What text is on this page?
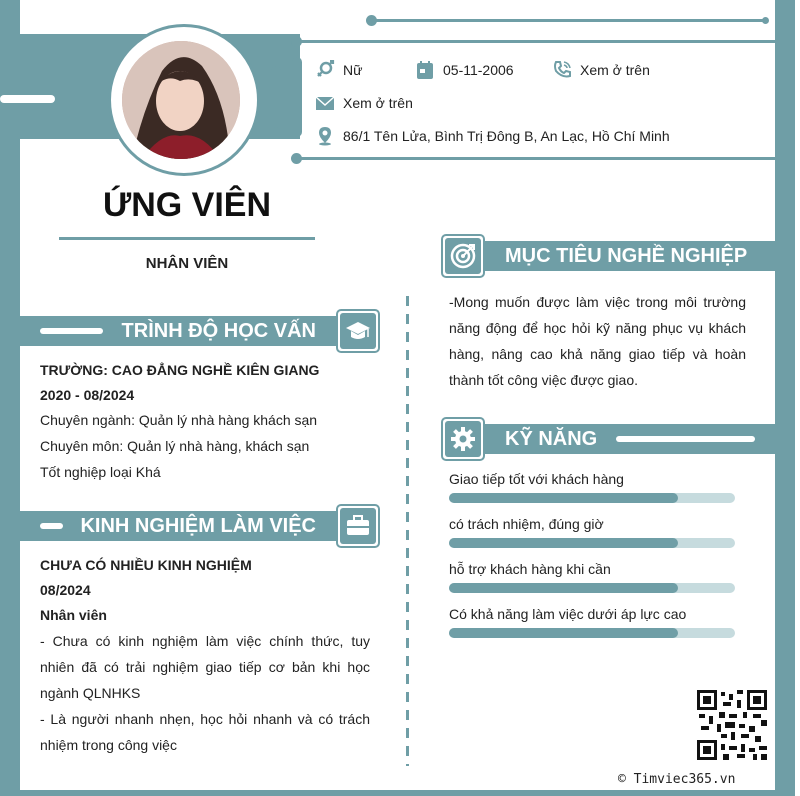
Nữ	05-11-2006	Xem ở trên
Xem ở trên
86/1 Tên Lửa, Bình Trị Đông B, An Lạc, Hồ Chí Minh
ỨNG VIÊN
NHÂN VIÊN
TRÌNH ĐỘ HỌC VẤN
TRƯỜNG: CAO ĐẲNG NGHỀ KIÊN GIANG
2020 - 08/2024
Chuyên ngành: Quản lý nhà hàng khách sạn
Chuyên môn: Quản lý nhà hàng, khách sạn
Tốt nghiệp loại Khá
KINH NGHIỆM LÀM VIỆC
CHƯA CÓ NHIỀU KINH NGHIỆM
08/2024
Nhân viên
- Chưa có kinh nghiệm làm việc chính thức, tuy nhiên đã có trải nghiệm giao tiếp cơ bản khi học ngành QLNHKS
- Là người nhanh nhẹn, học hỏi nhanh và có trách nhiệm trong công việc
MỤC TIÊU NGHỀ NGHIỆP
-Mong muốn được làm việc trong môi trường năng động để học hỏi kỹ năng phục vụ khách hàng, nâng cao khả năng giao tiếp và hoàn thành tốt công việc được giao.
KỸ NĂNG
Giao tiếp tốt với khách hàng
có trách nhiệm, đúng giờ
hỗ trợ khách hàng khi cần
Có khả năng làm việc dưới áp lực cao
© Timviec365.vn
